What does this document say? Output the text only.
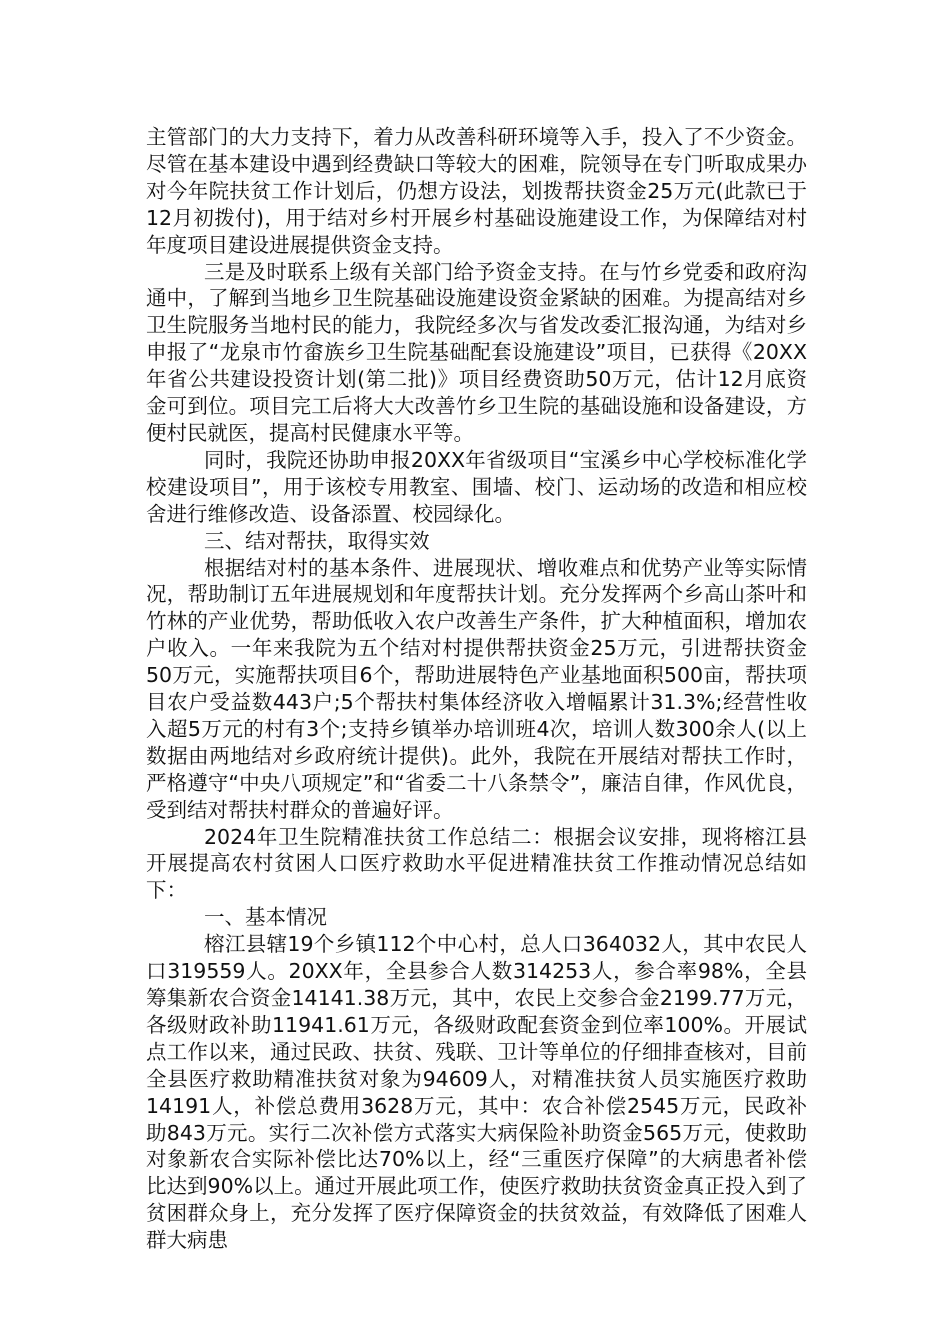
主管部门的大力支持下，着力从改善科研环境等入手，投入了不少资金。尽管在基本建设中遇到经费缺口等较大的困难，院领导在专门听取成果办对今年院扶贫工作计划后，仍想方设法，划拨帮扶资金25万元(此款已于12月初拨付)，用于结对乡村开展乡村基础设施建设工作，为保障结对村年度项目建设进展提供资金支持。

三是及时联系上级有关部门给予资金支持。在与竹乡党委和政府沟通中，了解到当地乡卫生院基础设施建设资金紧缺的困难。为提高结对乡卫生院服务当地村民的能力，我院经多次与省发改委汇报沟通，为结对乡申报了“龙泉市竹畲族乡卫生院基础配套设施建设”项目，已获得《20XX年省公共建设投资计划(第二批)》项目经费资助50万元，估计12月底资金可到位。项目完工后将大大改善竹乡卫生院的基础设施和设备建设，方便村民就医，提高村民健康水平等。

同时，我院还协助申报20XX年省级项目“宝溪乡中心学校标准化学校建设项目”，用于该校专用教室、围墙、校门、运动场的改造和相应校舍进行维修改造、设备添置、校园绿化。

三、结对帮扶，取得实效

根据结对村的基本条件、进展现状、增收难点和优势产业等实际情况，帮助制订五年进展规划和年度帮扶计划。充分发挥两个乡高山茶叶和竹林的产业优势，帮助低收入农户改善生产条件，扩大种植面积，增加农户收入。一年来我院为五个结对村提供帮扶资金25万元，引进帮扶资金50万元，实施帮扶项目6个，帮助进展特色产业基地面积500亩，帮扶项目农户受益数443户;5个帮扶村集体经济收入增幅累计31.3%;经营性收入超5万元的村有3个;支持乡镇举办培训班4次，培训人数300余人(以上数据由两地结对乡政府统计提供)。此外，我院在开展结对帮扶工作时，严格遵守“中央八项规定”和“省委二十八条禁令”，廉洁自律，作风优良，受到结对帮扶村群众的普遍好评。

2024年卫生院精准扶贫工作总结二：根据会议安排，现将榕江县开展提高农村贫困人口医疗救助水平促进精准扶贫工作推动情况总结如下：

一、基本情况

榕江县辖19个乡镇112个中心村，总人口364032人，其中农民人口319559人。20XX年，全县参合人数314253人，参合率98%，全县筹集新农合资金14141.38万元，其中，农民上交参合金2199.77万元，各级财政补助11941.61万元，各级财政配套资金到位率100%。开展试点工作以来，通过民政、扶贫、残联、卫计等单位的仔细排查核对，目前全县医疗救助精准扶贫对象为94609人，对精准扶贫人员实施医疗救助14191人，补偿总费用3628万元，其中：农合补偿2545万元，民政补助843万元。实行二次补偿方式落实大病保险补助资金565万元，使救助对象新农合实际补偿比达70%以上，经“三重医疗保障”的大病患者补偿比达到90%以上。通过开展此项工作，使医疗救助扶贫资金真正投入到了贫困群众身上，充分发挥了医疗保障资金的扶贫效益，有效降低了困难人群大病患
